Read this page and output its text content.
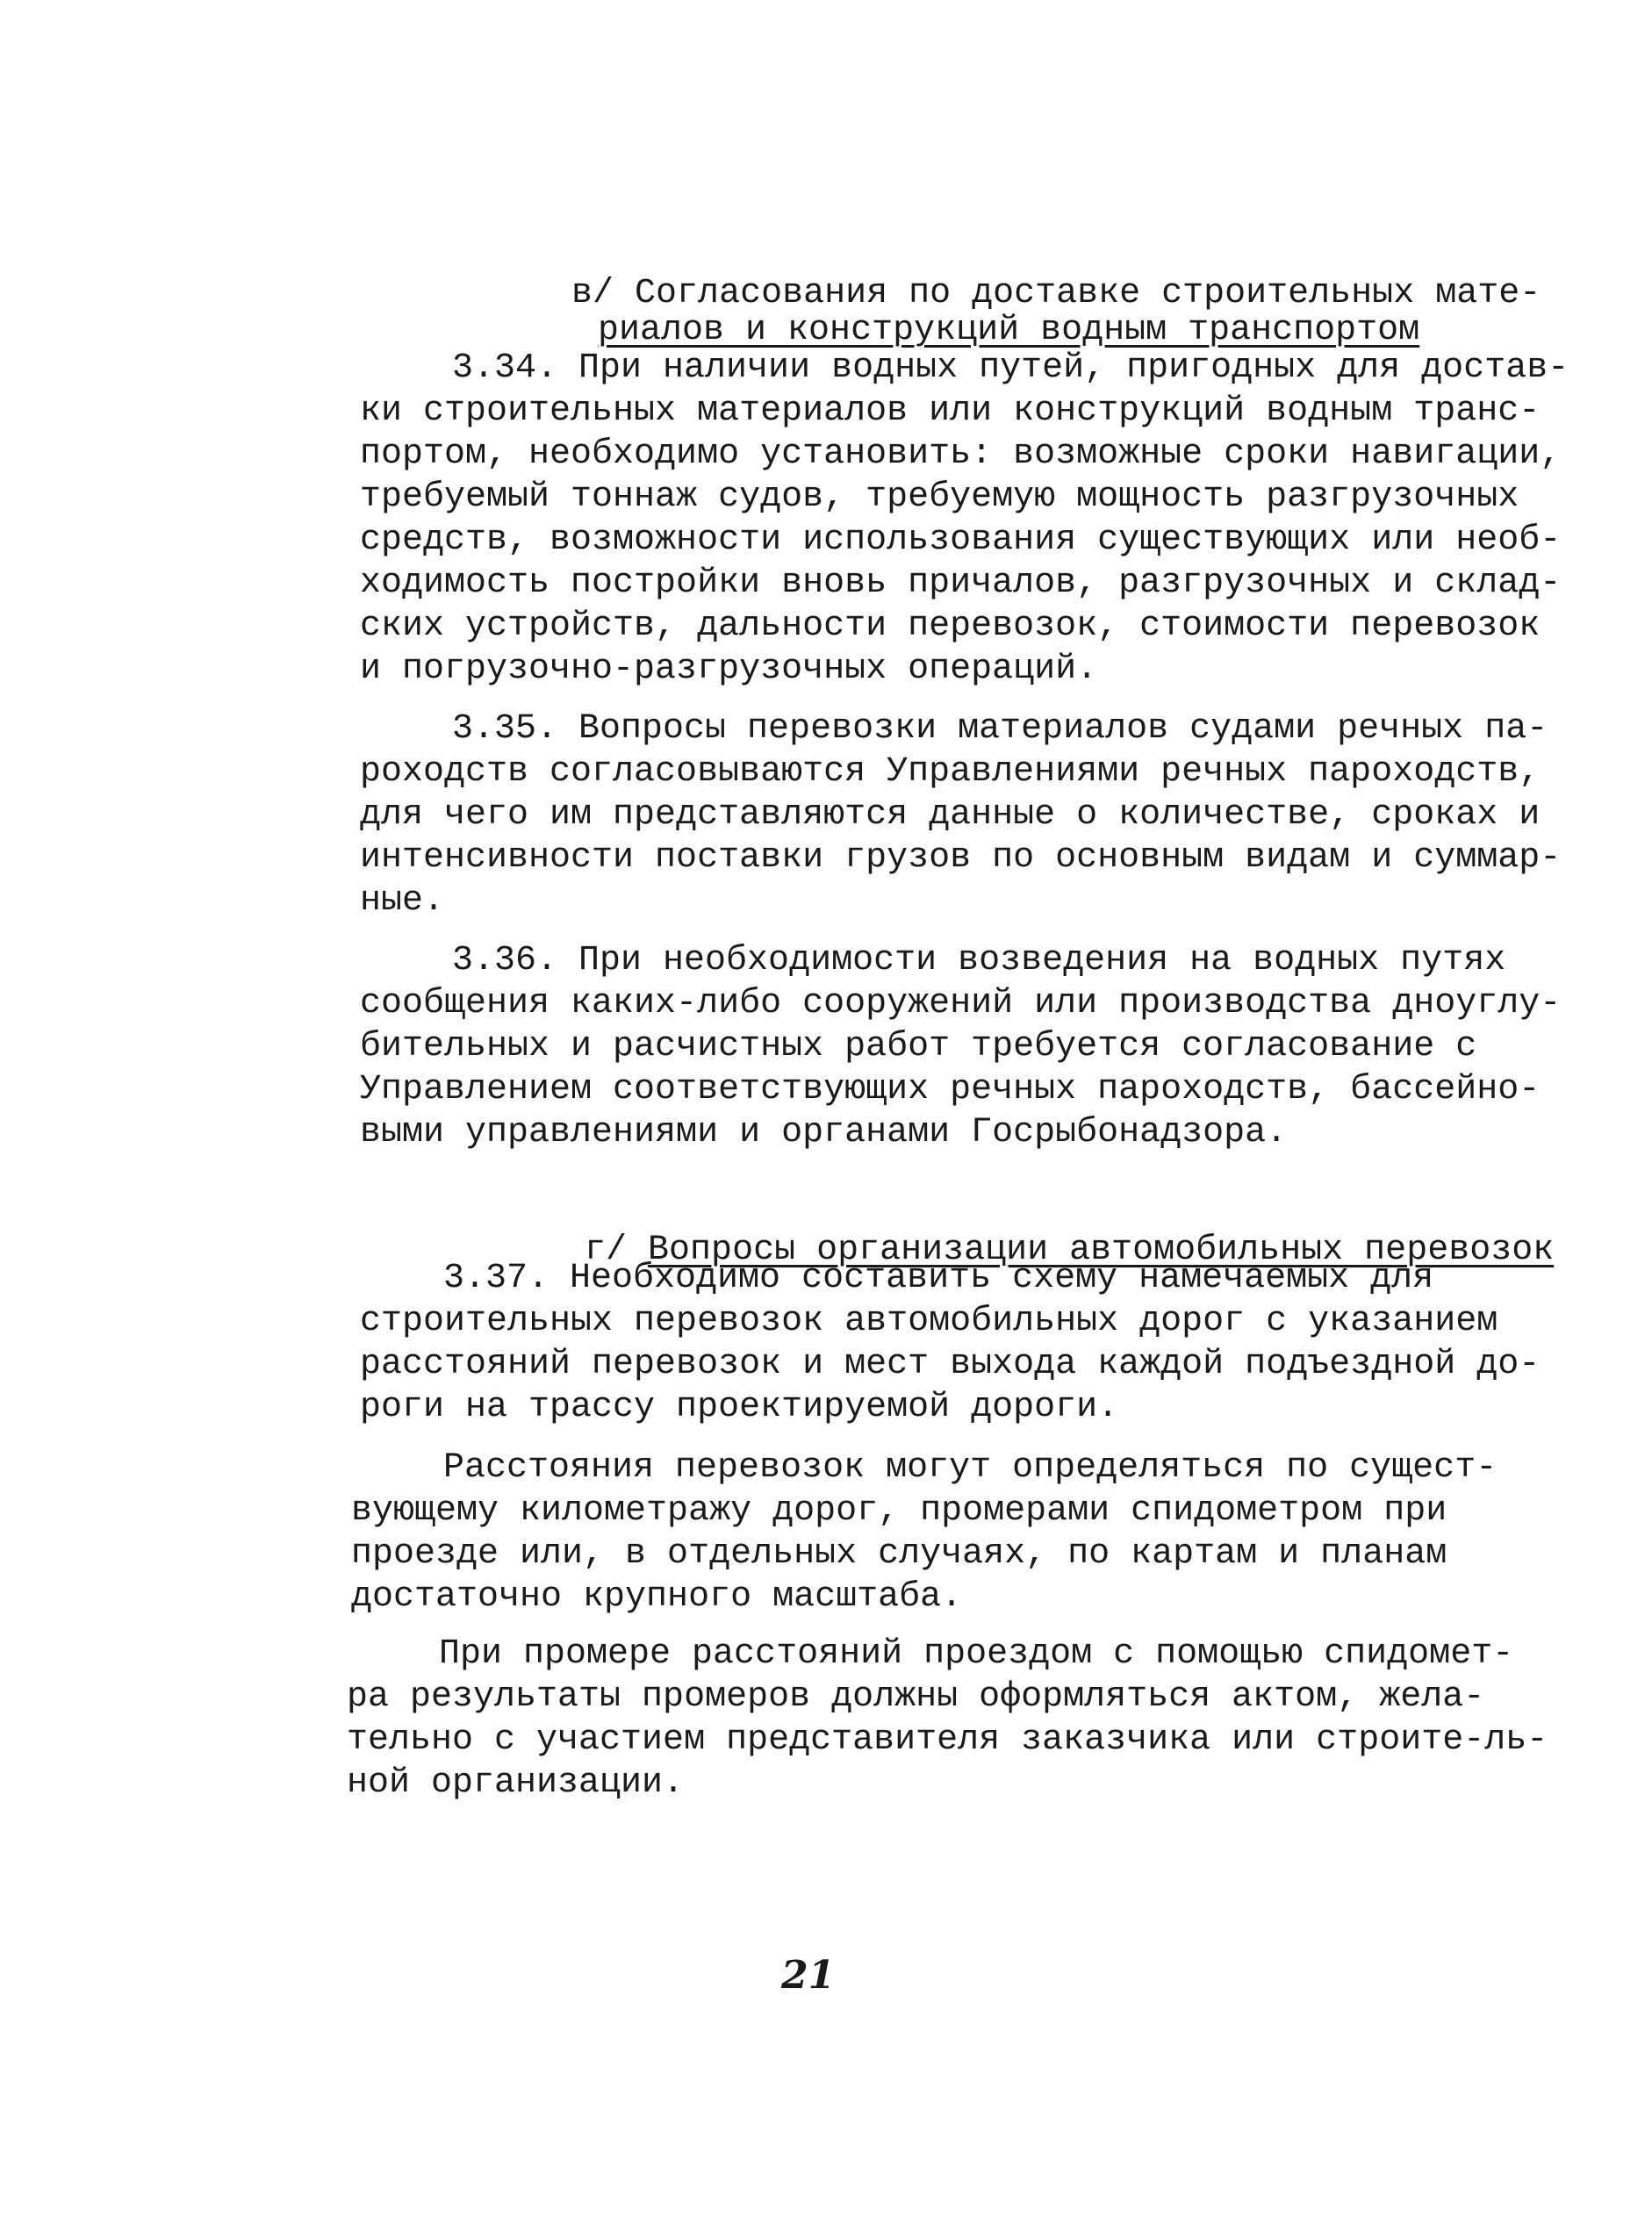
в/ Согласования по доставке строительных мате-

риалов и конструкций водным транспортом

3.34. При наличии водных путей, пригодных для достав-
ки строительных материалов или конструкций водным транс-
портом, необходимо установить: возможные сроки навигации,
требуемый тоннаж судов, требуемую мощность разгрузочных
средств, возможности использования существующих или необ-
ходимость постройки вновь причалов, разгрузочных и склад-
ских устройств, дальности перевозок, стоимости перевозок
и погрузочно-разгрузочных операций.
3.35. Вопросы перевозки материалов судами речных па-
роходств согласовываются Управлениями речных пароходств,
для чего им представляются данные о количестве, сроках и
интенсивности поставки грузов по основным видам и суммар-
ные.
3.36. При необходимости возведения на водных путях
сообщения каких-либо сооружений или производства дноуглу-
бительных и расчистных работ требуется согласование с
Управлением соответствующих речных пароходств, бассейно-
выми управлениями и органами Госрыбонадзора.

г/ Вопросы организации автомобильных перевозок

3.37. Необходимо составить схему намечаемых для
строительных перевозок автомобильных дорог с указанием
расстояний перевозок и мест выхода каждой подъездной до-
роги на трассу проектируемой дороги.
Расстояния перевозок могут определяться по сущест-
вующему километражу дорог, промерами спидометром при
проезде или, в отдельных случаях, по картам и планам
достаточно крупного масштаба.
При промере расстояний проездом с помощью спидомет-
ра результаты промеров должны оформляться актом, жела-
тельно с участием представителя заказчика или строите-ль-
ной организации.
21
